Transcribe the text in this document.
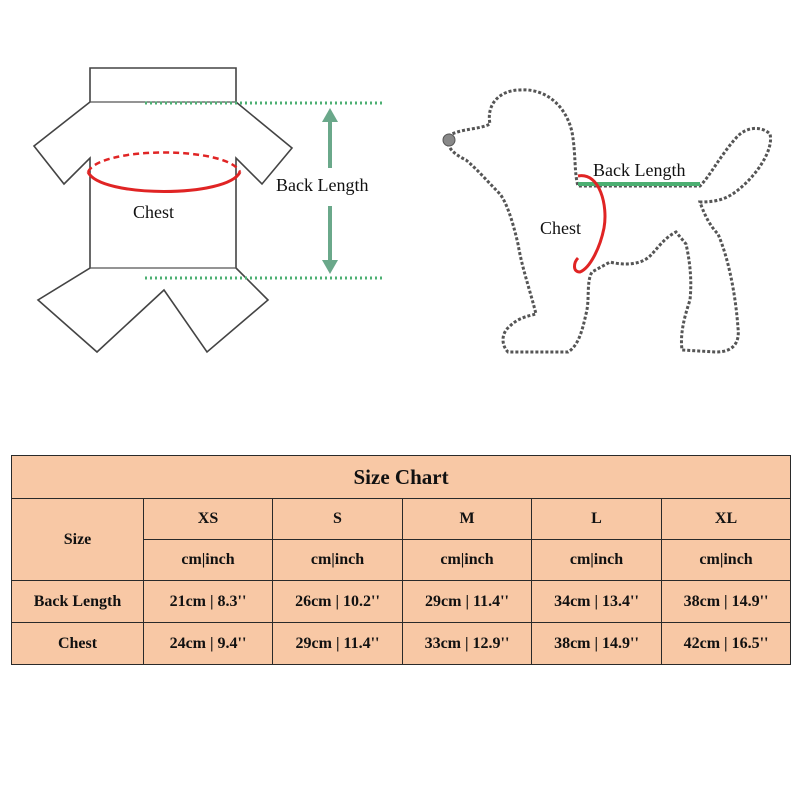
Chest
Back Length
Back Length
Chest
Size Chart					
Size	XS	S	M	L	XL
	cm|inch	cm|inch	cm|inch	cm|inch	cm|inch
Back Length	21cm | 8.3''	26cm | 10.2''	29cm | 11.4''	34cm | 13.4''	38cm | 14.9''
Chest	24cm | 9.4''	29cm | 11.4''	33cm | 12.9''	38cm | 14.9''	42cm | 16.5''
